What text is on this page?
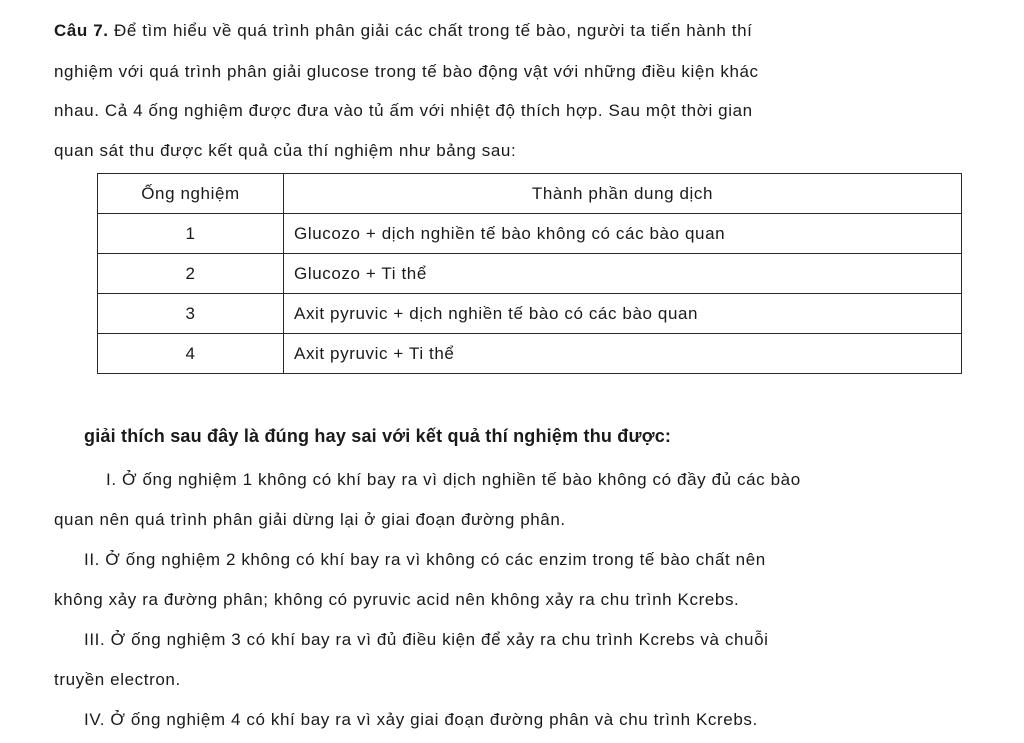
Câu 7. Để tìm hiểu về quá trình phân giải các chất trong tế bào, người ta tiến hành thí
nghiệm với quá trình phân giải glucose trong tế bào động vật với những điều kiện khác
nhau. Cả 4 ống nghiệm được đưa vào tủ ấm với nhiệt độ thích hợp. Sau một thời gian
quan sát thu được kết quả của thí nghiệm như bảng sau:
Ống nghiệm	Thành phần dung dịch
1	Glucozo + dịch nghiền tế bào không có các bào quan
2	Glucozo + Ti thể
3	Axit pyruvic + dịch nghiền tế bào có các bào quan
4	Axit pyruvic + Ti thể
giải thích sau đây là đúng hay sai với kết quả thí nghiệm thu được:
I. Ở ống nghiệm 1 không có khí bay ra vì dịch nghiền tế bào không có đầy đủ các bào
quan nên quá trình phân giải dừng lại ở giai đoạn đường phân.
II. Ở ống nghiệm 2 không có khí bay ra vì không có các enzim trong tế bào chất nên
không xảy ra đường phân; không có pyruvic acid nên không xảy ra chu trình Kcrebs.
III. Ở ống nghiệm 3 có khí bay ra vì đủ điều kiện để xảy ra chu trình Kcrebs và chuỗi
truyền electron.
IV. Ở ống nghiệm 4 có khí bay ra vì xảy giai đoạn đường phân và chu trình Kcrebs.
